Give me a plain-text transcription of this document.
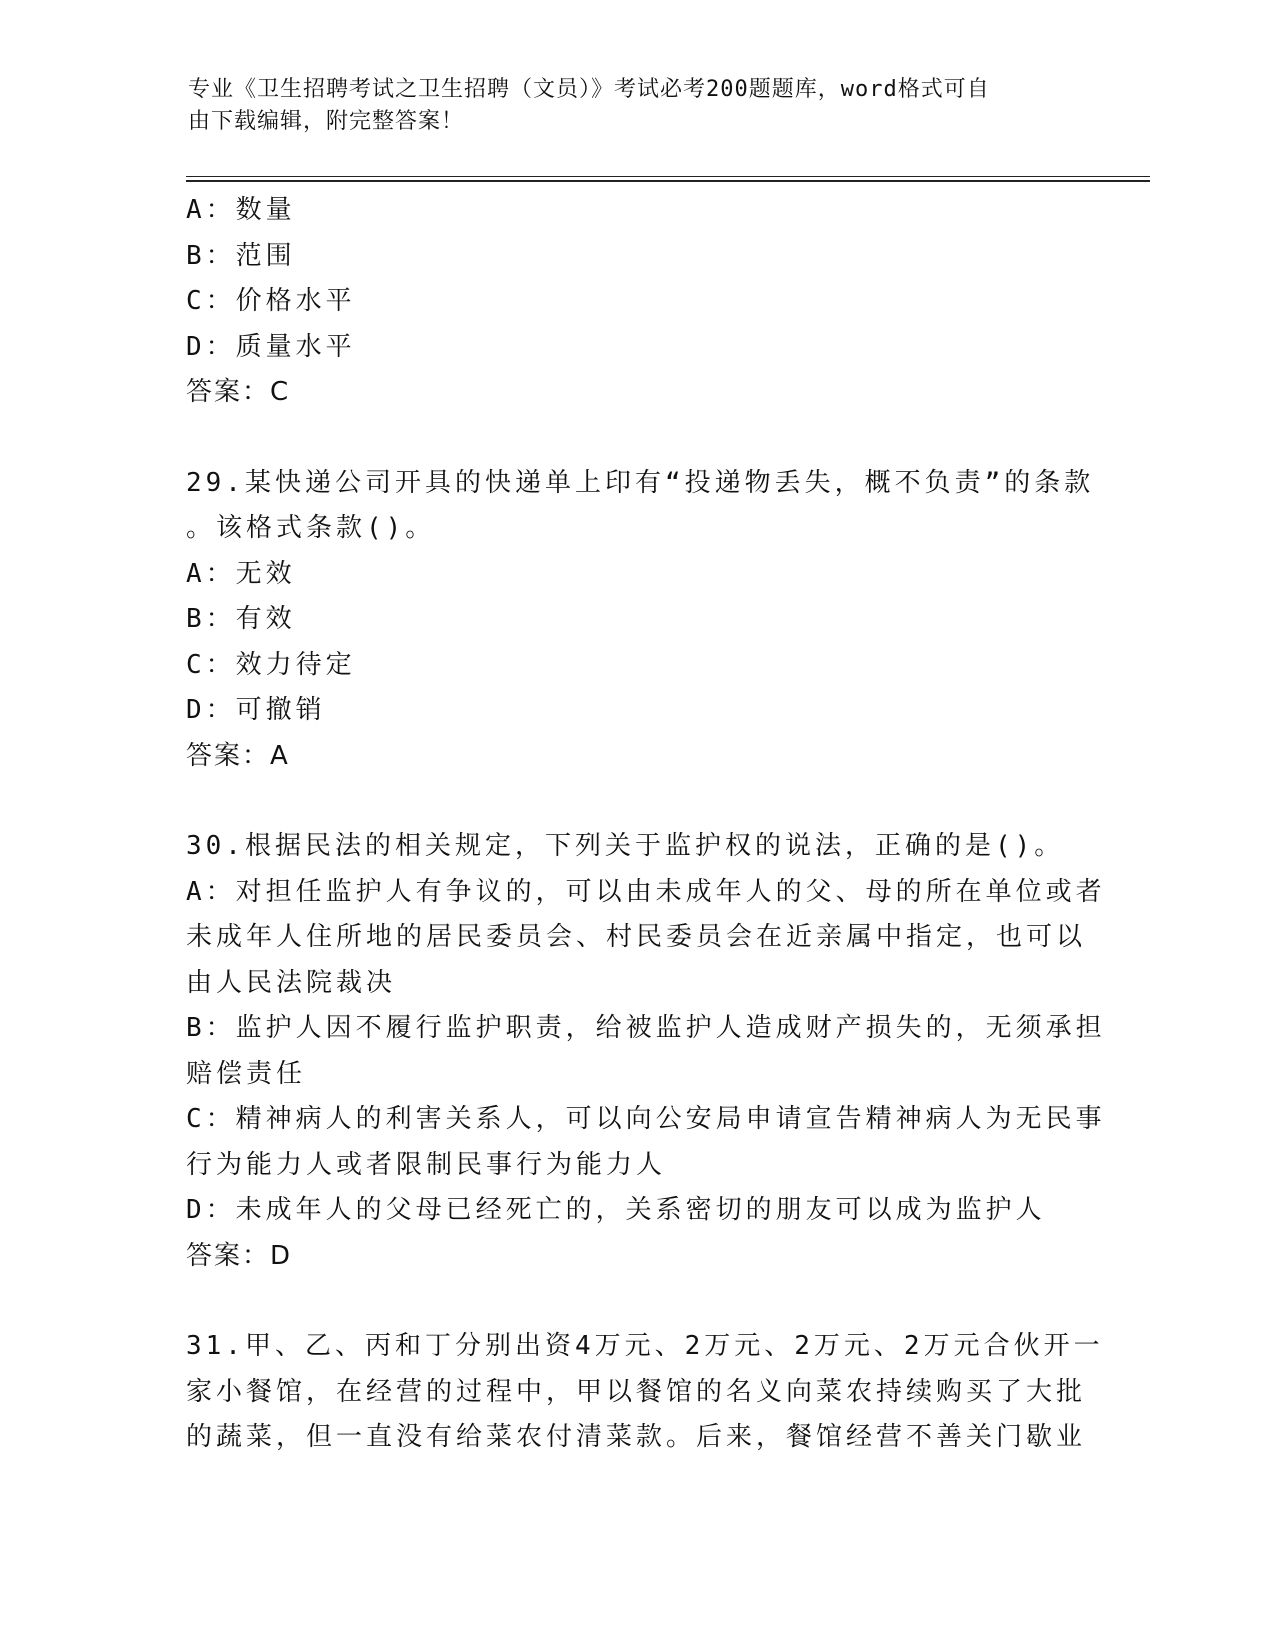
专业《卫生招聘考试之卫生招聘（文员）》考试必考200题题库，word格式可自
由下载编辑，附完整答案！
A：数量
B：范围
C：价格水平
D：质量水平
答案：C
29.某快递公司开具的快递单上印有“投递物丢失，概不负责”的条款
。该格式条款()。
A：无效
B：有效
C：效力待定
D：可撤销
答案：A
30.根据民法的相关规定，下列关于监护权的说法，正确的是()。
A：对担任监护人有争议的，可以由未成年人的父、母的所在单位或者
未成年人住所地的居民委员会、村民委员会在近亲属中指定，也可以
由人民法院裁决
B：监护人因不履行监护职责，给被监护人造成财产损失的，无须承担
赔偿责任
C：精神病人的利害关系人，可以向公安局申请宣告精神病人为无民事
行为能力人或者限制民事行为能力人
D：未成年人的父母已经死亡的，关系密切的朋友可以成为监护人
答案：D
31.甲、乙、丙和丁分别出资4万元、2万元、2万元、2万元合伙开一
家小餐馆，在经营的过程中，甲以餐馆的名义向菜农持续购买了大批
的蔬菜，但一直没有给菜农付清菜款。后来，餐馆经营不善关门歇业
